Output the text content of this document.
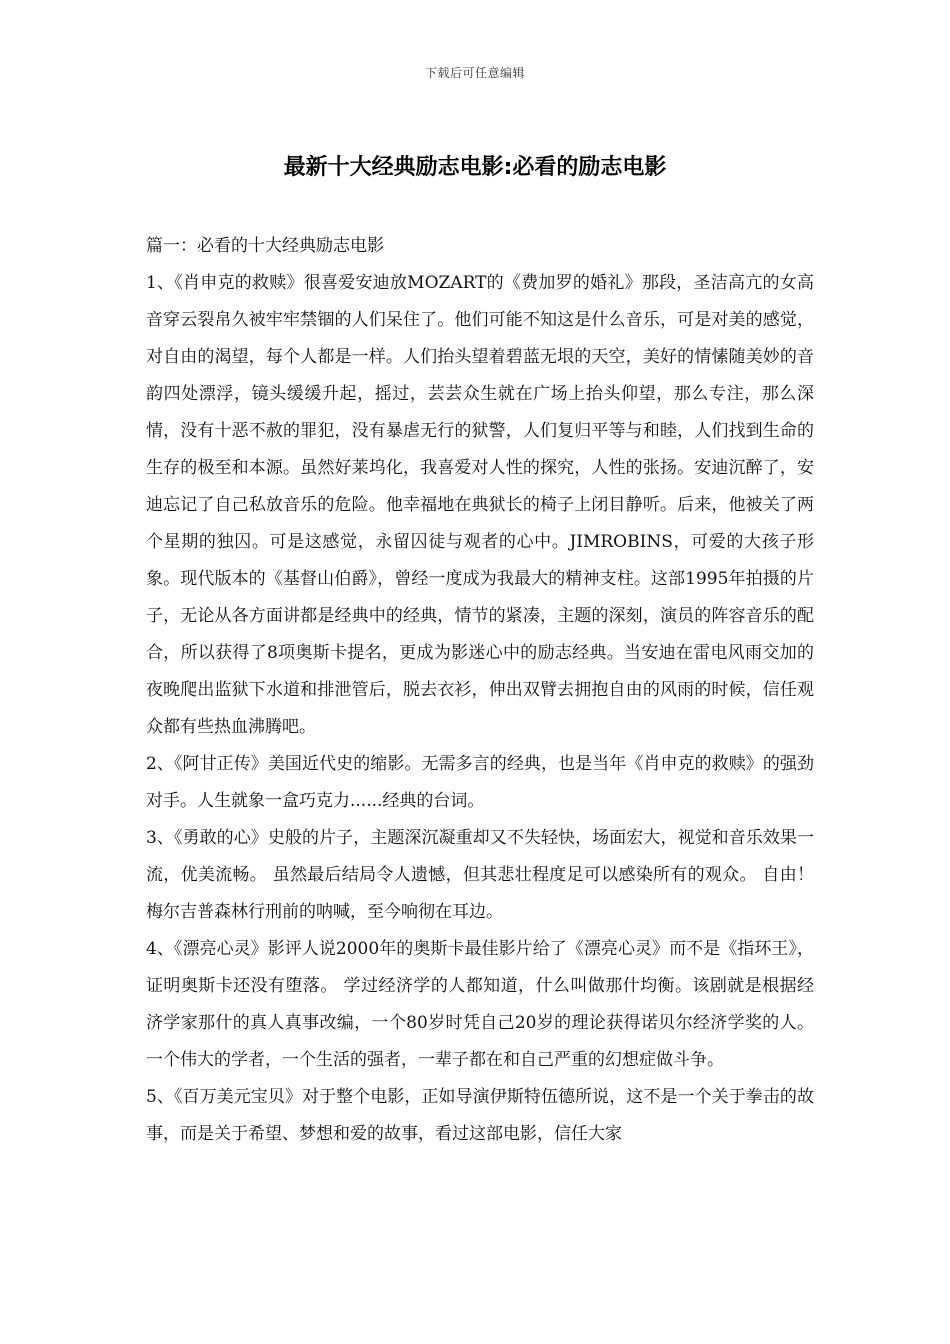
下载后可任意编辑
最新十大经典励志电影:必看的励志电影

篇一：必看的十大经典励志电影

1、《肖申克的救赎》很喜爱安迪放MOZART的《费加罗的婚礼》那段，圣洁高亢的女高音穿云裂帛久被牢牢禁锢的人们呆住了。他们可能不知这是什么音乐，可是对美的感觉，对自由的渴望，每个人都是一样。人们抬头望着碧蓝无垠的天空，美好的情愫随美妙的音韵四处漂浮，镜头缓缓升起，摇过，芸芸众生就在广场上抬头仰望，那么专注，那么深情，没有十恶不赦的罪犯，没有暴虐无行的狱警，人们复归平等与和睦，人们找到生命的生存的极至和本源。虽然好莱坞化，我喜爱对人性的探究，人性的张扬。安迪沉醉了，安迪忘记了自己私放音乐的危险。他幸福地在典狱长的椅子上闭目静听。后来，他被关了两个星期的独囚。可是这感觉，永留囚徒与观者的心中。JIMROBINS，可爱的大孩子形象。现代版本的《基督山伯爵》，曾经一度成为我最大的精神支柱。这部1995年拍摄的片子，无论从各方面讲都是经典中的经典，情节的紧凑，主题的深刻，演员的阵容音乐的配合，所以获得了8项奥斯卡提名，更成为影迷心中的励志经典。当安迪在雷电风雨交加的夜晚爬出监狱下水道和排泄管后，脱去衣衫，伸出双臂去拥抱自由的风雨的时候，信任观众都有些热血沸腾吧。

2、《阿甘正传》美国近代史的缩影。无需多言的经典，也是当年《肖申克的救赎》的强劲对手。人生就象一盒巧克力......经典的台词。

3、《勇敢的心》史般的片子，主题深沉凝重却又不失轻快，场面宏大，视觉和音乐效果一流，优美流畅。 虽然最后结局令人遗憾，但其悲壮程度足可以感染所有的观众。 自由！梅尔吉普森林行刑前的呐喊，至今响彻在耳边。

4、《漂亮心灵》影评人说2000年的奥斯卡最佳影片给了《漂亮心灵》而不是《指环王》，证明奥斯卡还没有堕落。 学过经济学的人都知道，什么叫做那什均衡。该剧就是根据经济学家那什的真人真事改编，一个80岁时凭自己20岁的理论获得诺贝尔经济学奖的人。一个伟大的学者，一个生活的强者，一辈子都在和自己严重的幻想症做斗争。

5、《百万美元宝贝》对于整个电影，正如导演伊斯特伍德所说，这不是一个关于拳击的故事，而是关于希望、梦想和爱的故事，看过这部电影，信任大家
